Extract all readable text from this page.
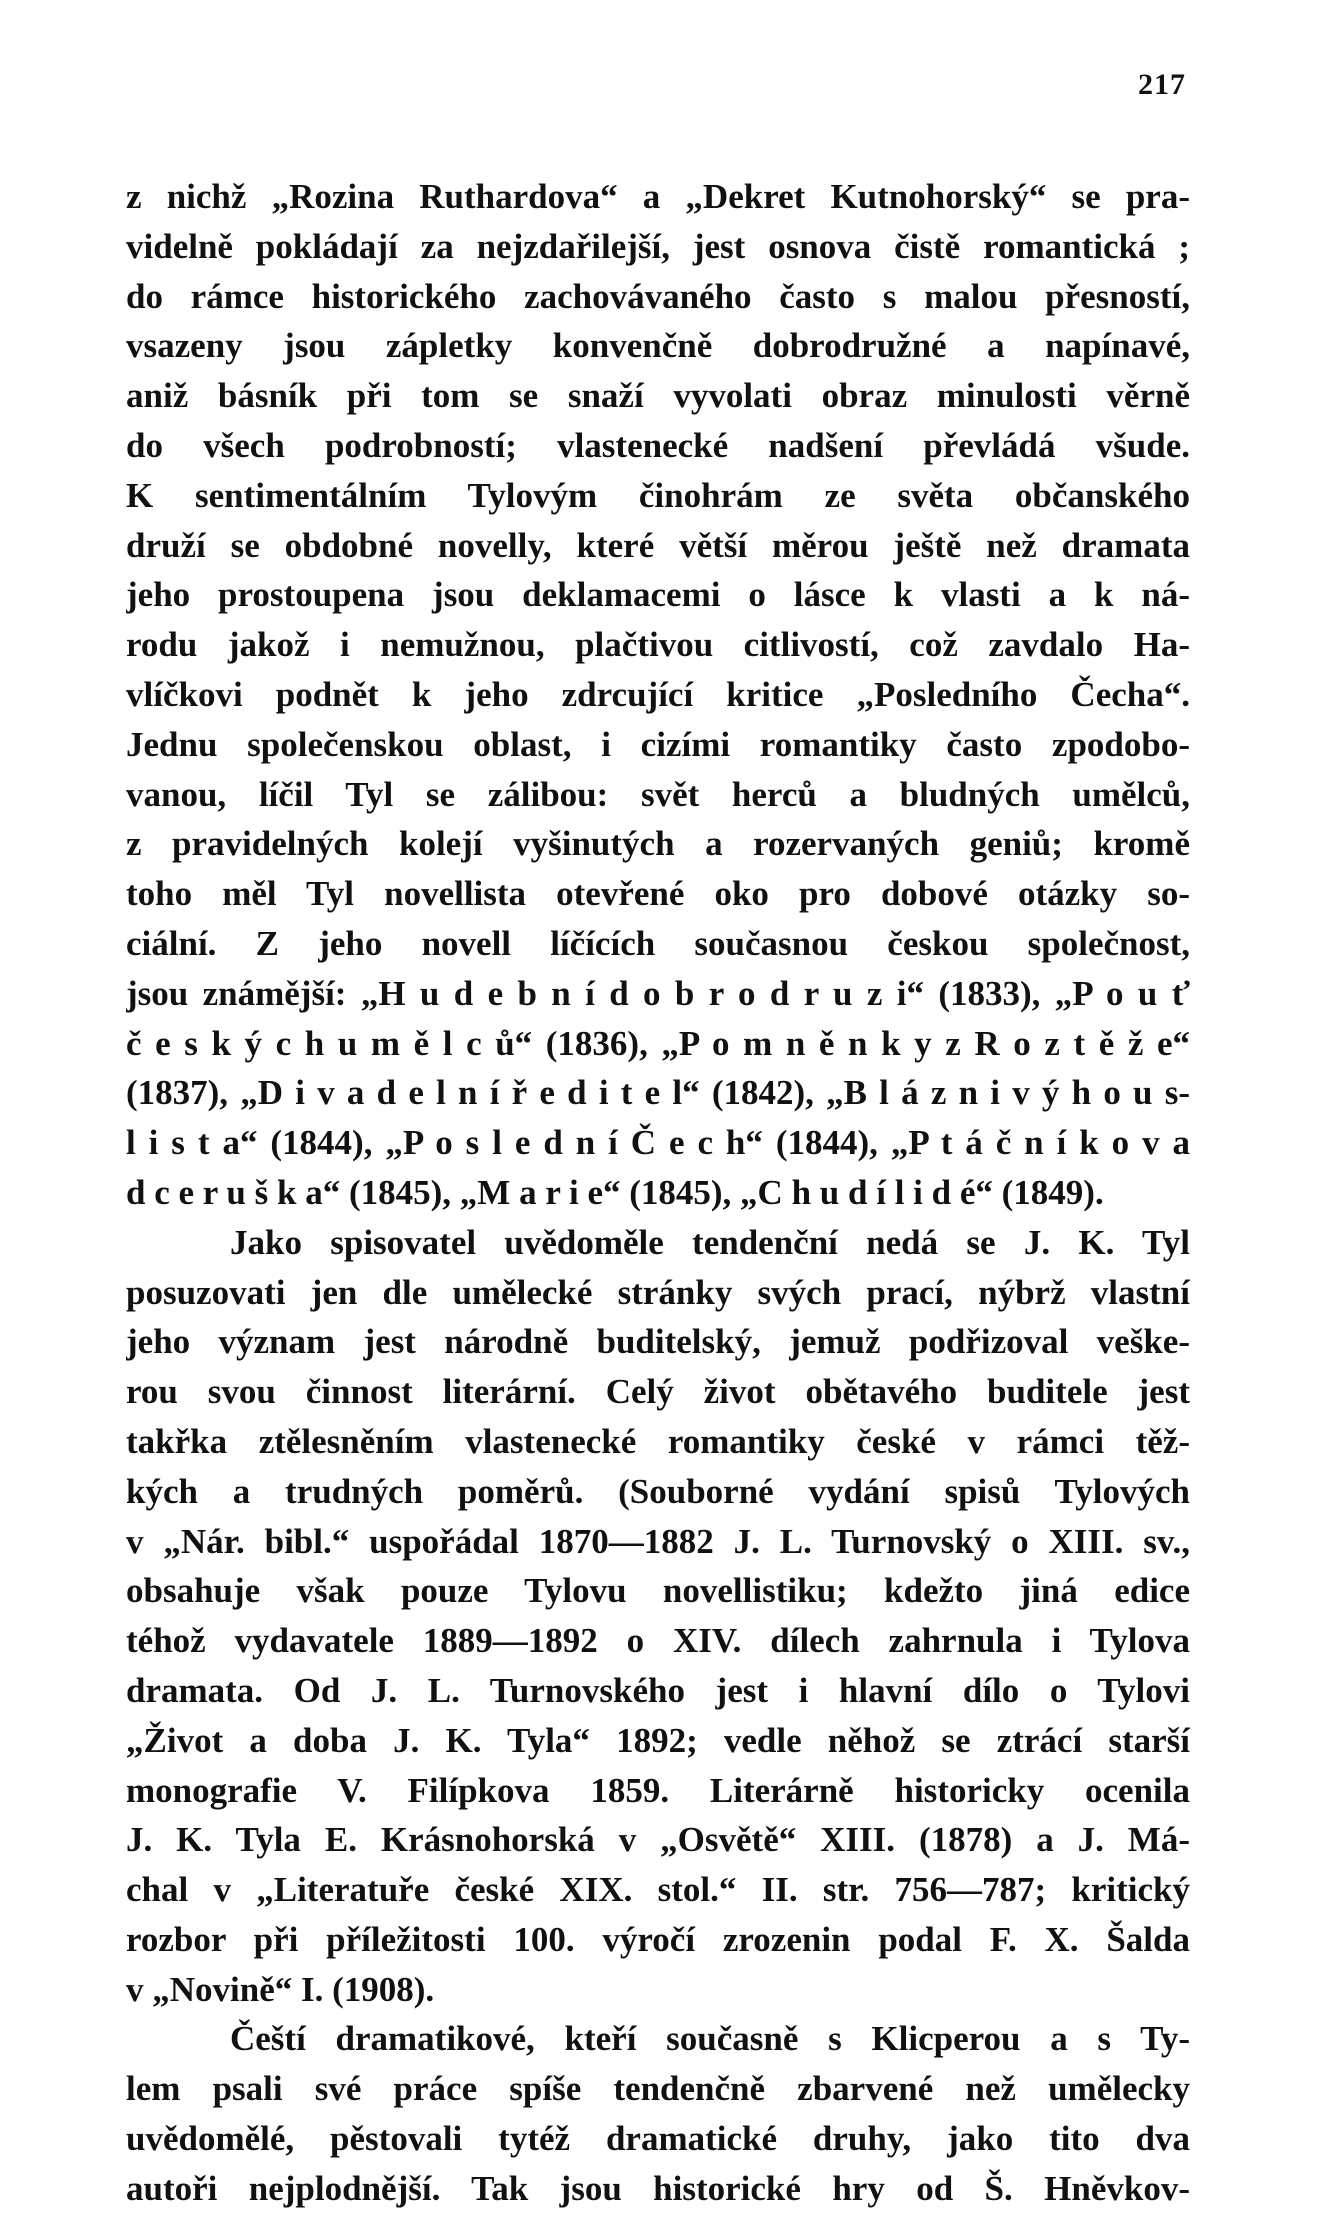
217
z nichž „Rozina Ruthardova“ a „Dekret Kutnohorský“ se pra-
videlně pokládají za nejzdařilejší, jest osnova čistě romantická ;
do rámce historického zachovávaného často s malou přesností,
vsazeny jsou zápletky konvenčně dobrodružné a napínavé,
aniž básník při tom se snaží vyvolati obraz minulosti věrně
do všech podrobností; vlastenecké nadšení převládá všude.
K sentimentálním Tylovým činohrám ze světa občanského
druží se obdobné novelly, které větší měrou ještě než dramata
jeho prostoupena jsou deklamacemi o lásce k vlasti a k ná-
rodu jakož i nemužnou, plačtivou citlivostí, což zavdalo Ha-
vlíčkovi podnět k jeho zdrcující kritice „Posledního Čecha“.
Jednu společenskou oblast, i cizími romantiky často zpodobo-
vanou, líčil Tyl se zálibou: svět herců a bludných umělců,
z pravidelných kolejí vyšinutých a rozervaných geniů; kromě
toho měl Tyl novellista otevřené oko pro dobové otázky so-
ciální. Z jeho novell líčících současnou českou společnost,
jsou známější: „H u d e b n í d o b r o d r u z i“ (1833), „P o u ť
č e s k ý c h u m ě l c ů“ (1836), „P o m n ě n k y z R o z t ě ž e“
(1837), „D i v a d e l n í ř e d i t e l“ (1842), „B l á z n i v ý h o u s-
l i s t a“ (1844), „P o s l e d n í Č e c h“ (1844), „P t á č n í k o v a
d c e r u š k a“ (1845), „M a r i e“ (1845), „C h u d í l i d é“ (1849).
Jako spisovatel uvědoměle tendenční nedá se J. K. Tyl
posuzovati jen dle umělecké stránky svých prací, nýbrž vlastní
jeho význam jest národně buditelský, jemuž podřizoval veške-
rou svou činnost literární. Celý život obětavého buditele jest
takřka ztělesněním vlastenecké romantiky české v rámci těž-
kých a trudných poměrů. (Souborné vydání spisů Tylových
v „Nár. bibl.“ uspořádal 1870—1882 J. L. Turnovský o XIII. sv.,
obsahuje však pouze Tylovu novellistiku; kdežto jiná edice
téhož vydavatele 1889—1892 o XIV. dílech zahrnula i Tylova
dramata. Od J. L. Turnovského jest i hlavní dílo o Tylovi
„Život a doba J. K. Tyla“ 1892; vedle něhož se ztrácí starší
monografie V. Filípkova 1859. Literárně historicky ocenila
J. K. Tyla E. Krásnohorská v „Osvětě“ XIII. (1878) a J. Má-
chal v „Literatuře české XIX. stol.“ II. str. 756—787; kritický
rozbor při příležitosti 100. výročí zrozenin podal F. X. Šalda
v „Novině“ I. (1908).
Čeští dramatikové, kteří současně s Klicperou a s Ty-
lem psali své práce spíše tendenčně zbarvené než umělecky
uvědomělé, pěstovali tytéž dramatické druhy, jako tito dva
autoři nejplodnější. Tak jsou historické hry od Š. Hněvkov-
